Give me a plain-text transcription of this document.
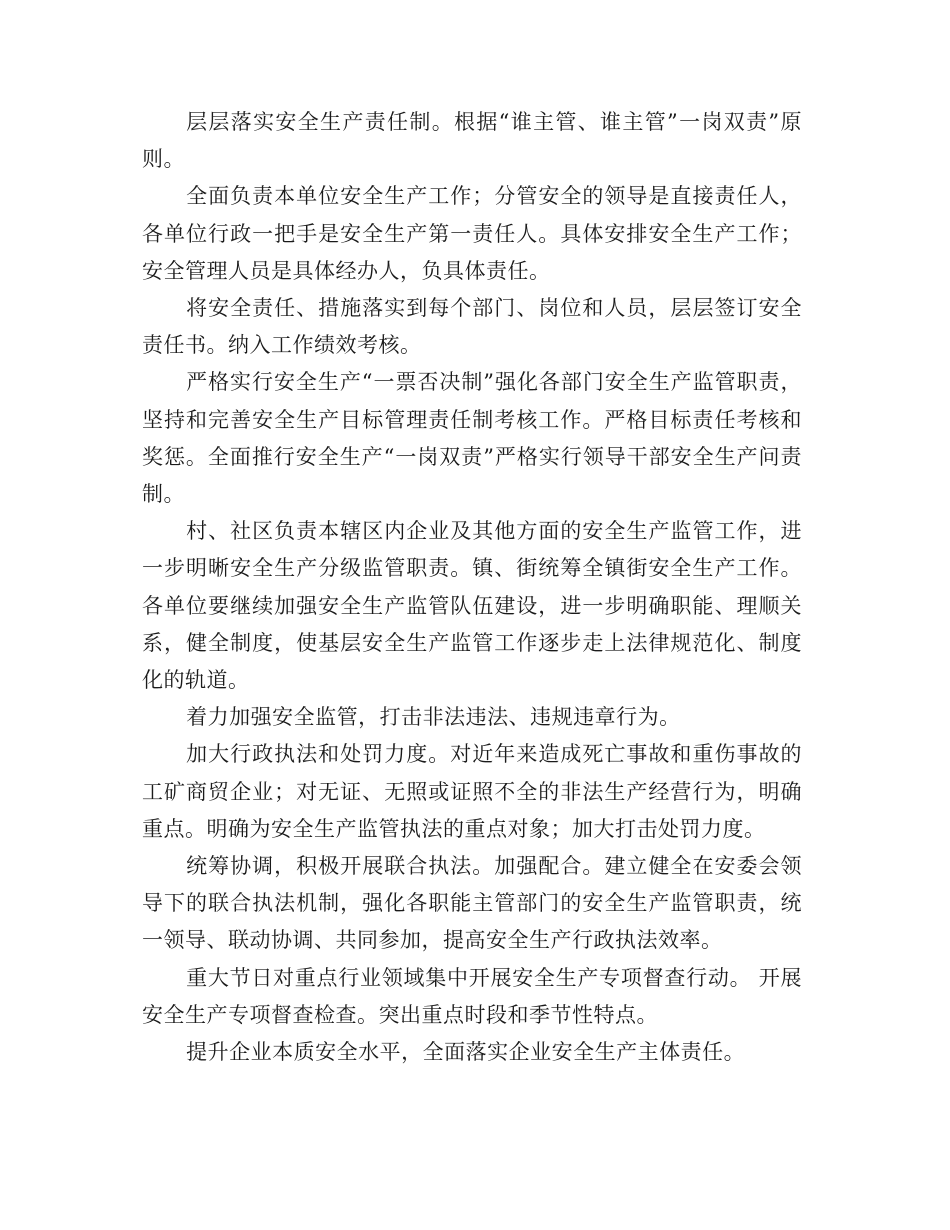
层层落实安全生产责任制。根据“谁主管、谁主管”一岗双责”原则。

全面负责本单位安全生产工作；分管安全的领导是直接责任人，各单位行政一把手是安全生产第一责任人。具体安排安全生产工作；安全管理人员是具体经办人，负具体责任。

将安全责任、措施落实到每个部门、岗位和人员，层层签订安全责任书。纳入工作绩效考核。

严格实行安全生产“一票否决制”强化各部门安全生产监管职责，坚持和完善安全生产目标管理责任制考核工作。严格目标责任考核和奖惩。全面推行安全生产“一岗双责”严格实行领导干部安全生产问责制。

村、社区负责本辖区内企业及其他方面的安全生产监管工作，进一步明晰安全生产分级监管职责。镇、街统筹全镇街安全生产工作。各单位要继续加强安全生产监管队伍建设，进一步明确职能、理顺关系，健全制度，使基层安全生产监管工作逐步走上法律规范化、制度化的轨道。

着力加强安全监管，打击非法违法、违规违章行为。

加大行政执法和处罚力度。对近年来造成死亡事故和重伤事故的工矿商贸企业；对无证、无照或证照不全的非法生产经营行为，明确重点。明确为安全生产监管执法的重点对象；加大打击处罚力度。

统筹协调，积极开展联合执法。加强配合。建立健全在安委会领导下的联合执法机制，强化各职能主管部门的安全生产监管职责，统一领导、联动协调、共同参加，提高安全生产行政执法效率。

重大节日对重点行业领域集中开展安全生产专项督查行动。 开展安全生产专项督查检查。突出重点时段和季节性特点。

提升企业本质安全水平，全面落实企业安全生产主体责任。
